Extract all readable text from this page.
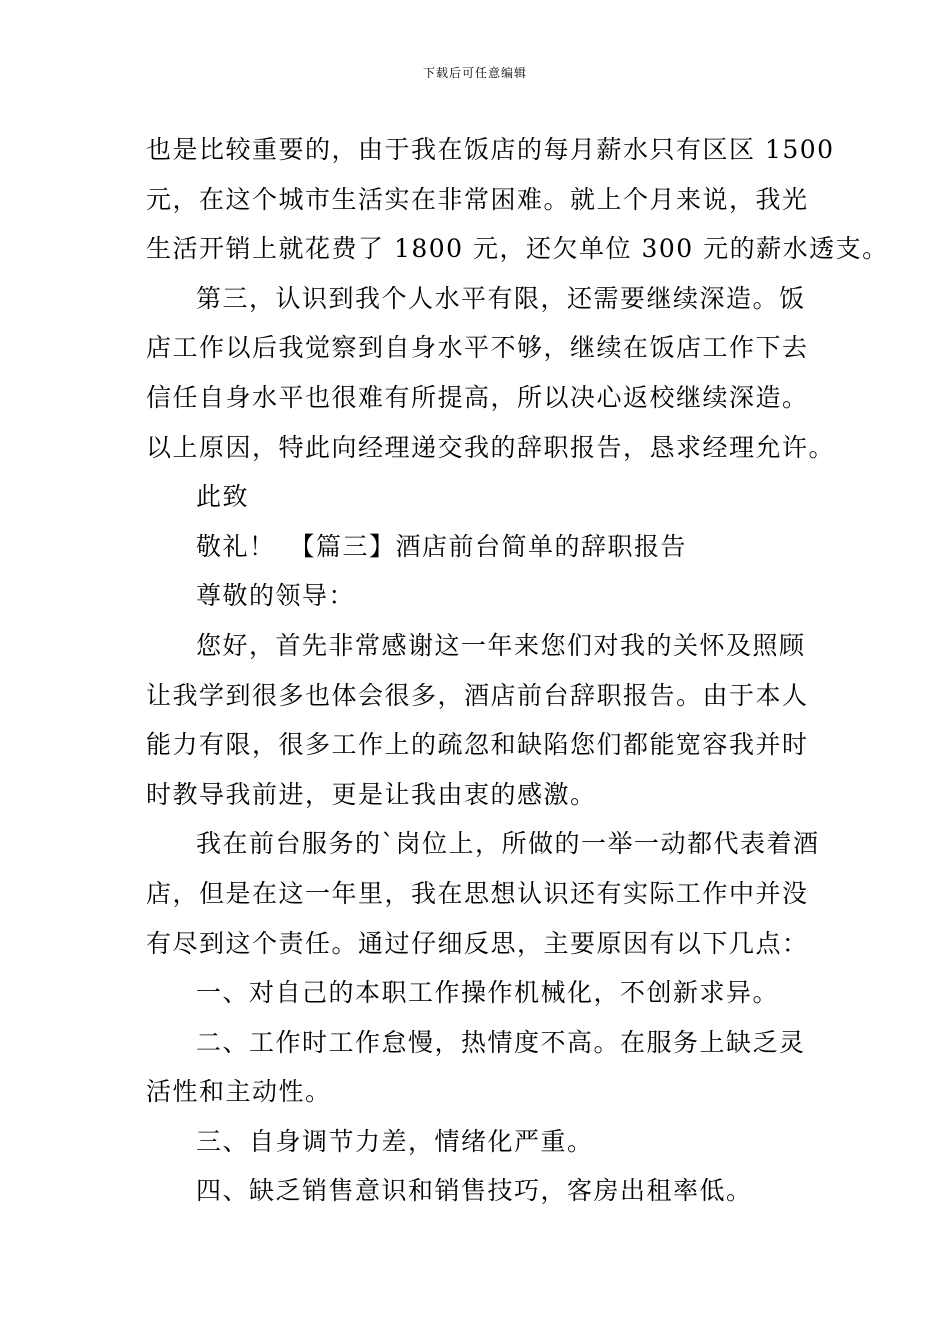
下载后可任意编辑

也是比较重要的，由于我在饭店的每月薪水只有区区 1500

元，在这个城市生活实在非常困难。就上个月来说，我光

生活开销上就花费了 1800 元，还欠单位 300 元的薪水透支。

第三，认识到我个人水平有限，还需要继续深造。饭

店工作以后我觉察到自身水平不够，继续在饭店工作下去

信任自身水平也很难有所提高，所以决心返校继续深造。

以上原因，特此向经理递交我的辞职报告，恳求经理允许。

此致

敬礼！　【篇三】酒店前台简单的辞职报告

尊敬的领导：

您好，首先非常感谢这一年来您们对我的关怀及照顾

让我学到很多也体会很多，酒店前台辞职报告。由于本人

能力有限，很多工作上的疏忽和缺陷您们都能宽容我并时

时教导我前进，更是让我由衷的感激。

我在前台服务的`岗位上，所做的一举一动都代表着酒

店，但是在这一年里，我在思想认识还有实际工作中并没

有尽到这个责任。通过仔细反思，主要原因有以下几点：

一、对自己的本职工作操作机械化，不创新求异。

二、工作时工作怠慢，热情度不高。在服务上缺乏灵

活性和主动性。

三、自身调节力差，情绪化严重。

四、缺乏销售意识和销售技巧，客房出租率低。
